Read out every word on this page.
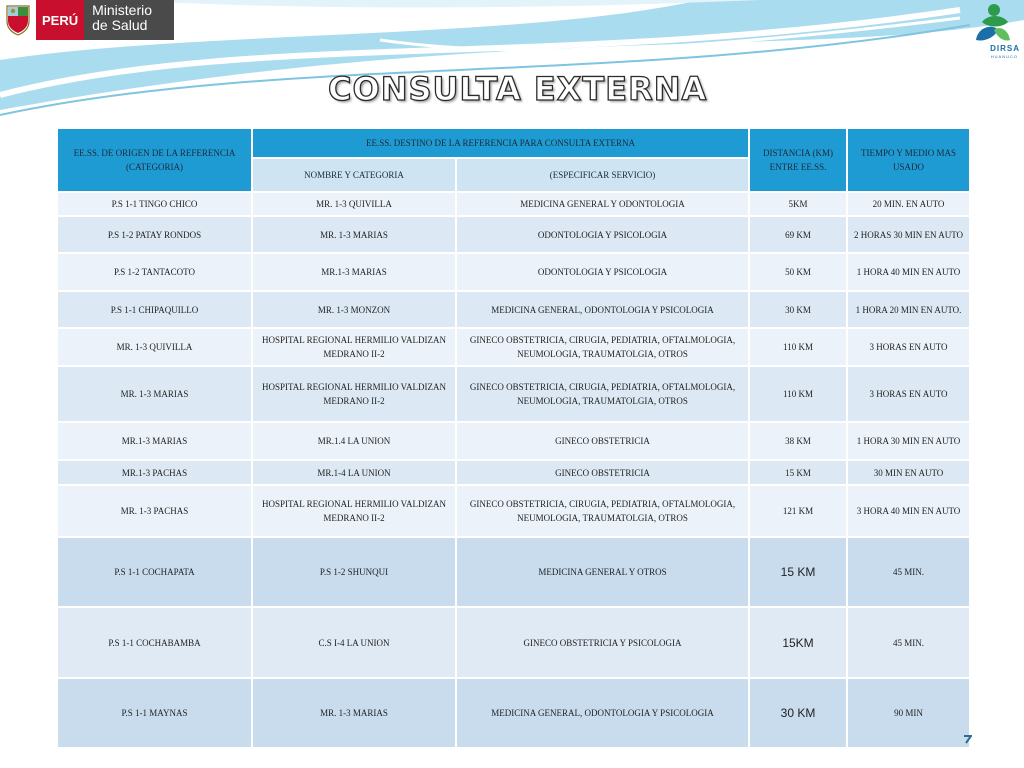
PERÚ
Ministerio
de Salud
DIRSA
HUANUCO
CONSULTA EXTERNA
EE.SS. DE ORIGEN DE LA REFERENCIA (CATEGORIA)	EE.SS. DESTINO DE LA REFERENCIA PARA CONSULTA EXTERNA		DISTANCIA (KM) ENTRE EE.SS.	TIEMPO Y MEDIO MAS USADO
	NOMBRE Y CATEGORIA	(ESPECIFICAR SERVICIO)		
P.S 1-1 TINGO CHICO	MR. 1-3 QUIVILLA	MEDICINA GENERAL Y ODONTOLOGIA	5KM	20 MIN. EN AUTO
P.S 1-2 PATAY RONDOS	MR. 1-3 MARIAS	ODONTOLOGIA Y PSICOLOGIA	69 KM	2 HORAS 30 MIN EN AUTO
P.S 1-2 TANTACOTO	MR.1-3 MARIAS	ODONTOLOGIA Y PSICOLOGIA	50 KM	1 HORA 40 MIN EN AUTO
P.S 1-1 CHIPAQUILLO	MR. 1-3 MONZON	MEDICINA GENERAL, ODONTOLOGIA Y PSICOLOGIA	30 KM	1 HORA 20 MIN EN AUTO.
MR. 1-3 QUIVILLA	HOSPITAL REGIONAL HERMILIO VALDIZAN MEDRANO II-2	GINECO OBSTETRICIA, CIRUGIA, PEDIATRIA, OFTALMOLOGIA, NEUMOLOGIA, TRAUMATOLGIA, OTROS	110 KM	3 HORAS EN AUTO
MR. 1-3 MARIAS	HOSPITAL REGIONAL HERMILIO VALDIZAN MEDRANO II-2	GINECO OBSTETRICIA, CIRUGIA, PEDIATRIA, OFTALMOLOGIA, NEUMOLOGIA, TRAUMATOLGIA, OTROS	110 KM	3 HORAS EN AUTO
MR.1-3 MARIAS	MR.1.4 LA UNION	GINECO OBSTETRICIA	38 KM	1 HORA 30 MIN EN AUTO
MR.1-3 PACHAS	MR.1-4 LA UNION	GINECO OBSTETRICIA	15 KM	30 MIN EN AUTO
MR. 1-3 PACHAS	HOSPITAL REGIONAL HERMILIO VALDIZAN MEDRANO II-2	GINECO OBSTETRICIA, CIRUGIA, PEDIATRIA, OFTALMOLOGIA, NEUMOLOGIA, TRAUMATOLGIA, OTROS	121 KM	3 HORA 40 MIN EN AUTO
P.S 1-1 COCHAPATA	P.S 1-2 SHUNQUI	MEDICINA GENERAL Y OTROS	15 KM	45 MIN.
P.S 1-1 COCHABAMBA	C.S I-4 LA UNION	GINECO OBSTETRICIA Y PSICOLOGIA	15KM	45 MIN.
P.S 1-1 MAYNAS	MR. 1-3 MARIAS	MEDICINA GENERAL, ODONTOLOGIA Y PSICOLOGIA	30 KM	90 MIN
